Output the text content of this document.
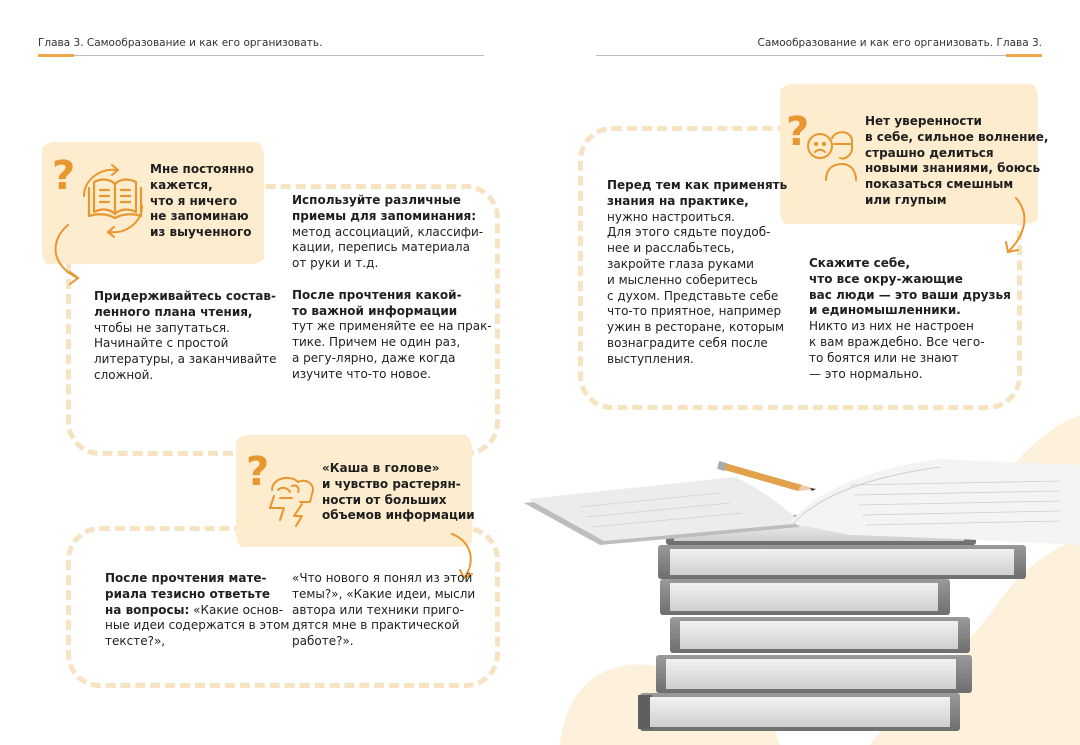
Глава 3. Самообразование и как его организовать.	Самообразование и как его организовать. Глава 3.
?	Мне постоянно
кажется,
что я ничего
не запоминаю
из выученного
Придерживайтесь состав-
ленного плана чтения,
чтобы не запутаться.
Начинайте с простой
литературы, а заканчивайте
сложной.
Используйте различные
приемы для запоминания:
метод ассоциаций, классифи-
кации, перепись материала
от руки и т.д.
После прочтения какой-
то важной информации
тут же применяйте ее на прак-
тике. Причем не один раз,
а регу-лярно, даже когда
изучите что-то новое.
?	«Каша в голове»
и чувство растерян-
ности от больших
объемов информации
После прочтения мате-
риала тезисно ответьте
на вопросы: «Какие основ-
ные идеи содержатся в этом
тексте?»,
«Что нового я понял из этой
темы?», «Какие идеи, мысли
автора или техники приго-
дятся мне в практической
работе?».
?	Нет уверенности
в себе, сильное волнение,
страшно делиться
новыми знаниями, боюсь
показаться смешным
или глупым
Перед тем как применять
знания на практике,
нужно настроиться.
Для этого сядьте поудоб-
нее и расслабьтесь,
закройте глаза руками
и мысленно соберитесь
с духом. Представьте себе
что-то приятное, например
ужин в ресторане, которым
вознаградите себя после
выступления.
Скажите себе,
что все окру-жающие
вас люди — это ваши друзья
и единомышленники.
Никто из них не настроен
к вам враждебно. Все чего-
то боятся или не знают
— это нормально.
